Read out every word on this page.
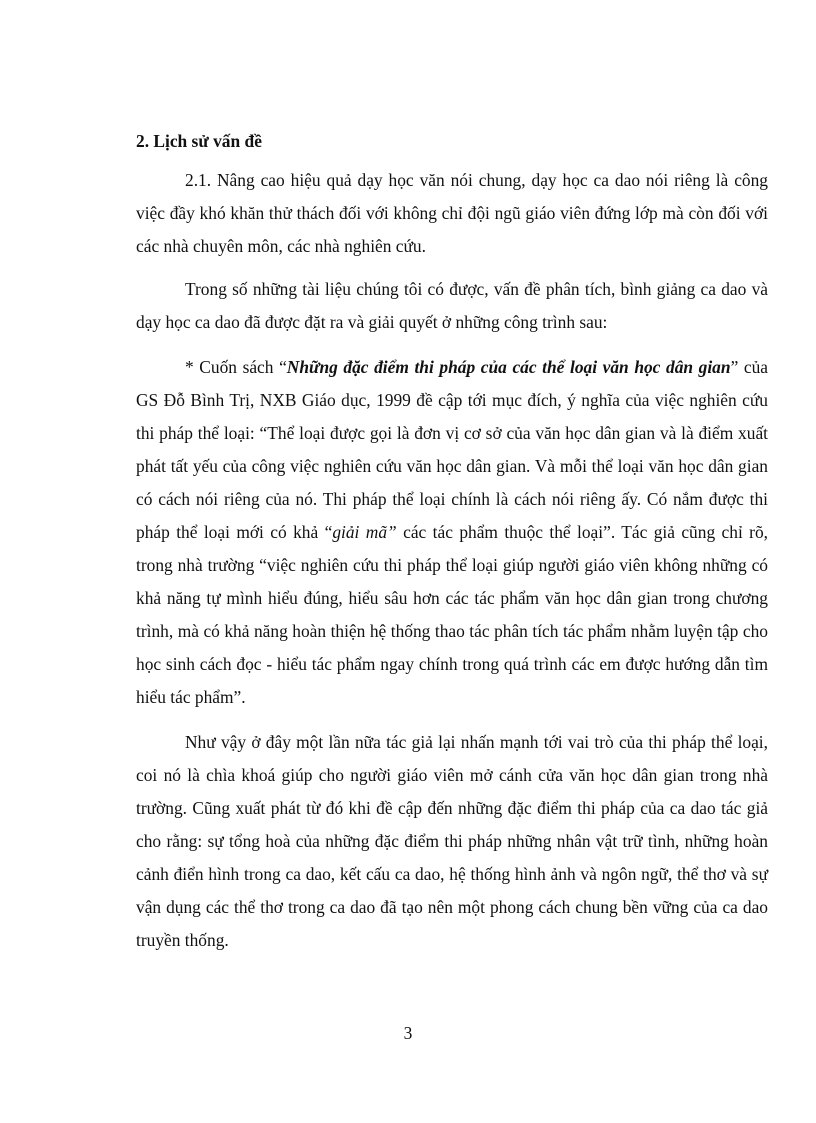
2. Lịch sử vấn đề

2.1. Nâng cao hiệu quả dạy học văn nói chung, dạy học ca dao nói riêng là công việc đầy khó khăn thử thách đối với không chỉ đội ngũ giáo viên đứng lớp mà còn đối với các nhà chuyên môn, các nhà nghiên cứu.

Trong số những tài liệu chúng tôi có được, vấn đề phân tích, bình giảng ca dao và dạy học ca dao đã được đặt ra và giải quyết ở những công trình sau:

* Cuốn sách “Những đặc điểm thi pháp của các thể loại văn học dân gian” của GS Đỗ Bình Trị, NXB Giáo dục, 1999 đề cập tới mục đích, ý nghĩa của việc nghiên cứu thi pháp thể loại: “Thể loại được gọi là đơn vị cơ sở của văn học dân gian và là điểm xuất phát tất yếu của công việc nghiên cứu văn học dân gian. Và mỗi thể loại văn học dân gian có cách nói riêng của nó. Thi pháp thể loại chính là cách nói riêng ấy. Có nắm được thi pháp thể loại mới có khả “giải mã” các tác phẩm thuộc thể loại”. Tác giả cũng chỉ rõ, trong nhà trường “việc nghiên cứu thi pháp thể loại giúp người giáo viên không những có khả năng tự mình hiểu đúng, hiểu sâu hơn các tác phẩm văn học dân gian trong chương trình, mà có khả năng hoàn thiện hệ thống thao tác phân tích tác phẩm nhằm luyện tập cho học sinh cách đọc - hiểu tác phẩm ngay chính trong quá trình các em được hướng dẫn tìm hiểu tác phẩm”.

Như vậy ở đây một lần nữa tác giả lại nhấn mạnh tới vai trò của thi pháp thể loại, coi nó là chìa khoá giúp cho người giáo viên mở cánh cửa văn học dân gian trong nhà trường. Cũng xuất phát từ đó khi đề cập đến những đặc điểm thi pháp của ca dao tác giả cho rằng: sự tổng hoà của những đặc điểm thi pháp những nhân vật trữ tình, những hoàn cảnh điển hình trong ca dao, kết cấu ca dao, hệ thống hình ảnh và ngôn ngữ, thể thơ và sự vận dụng các thể thơ trong ca dao đã tạo nên một phong cách chung bền vững của ca dao truyền thống.

3
